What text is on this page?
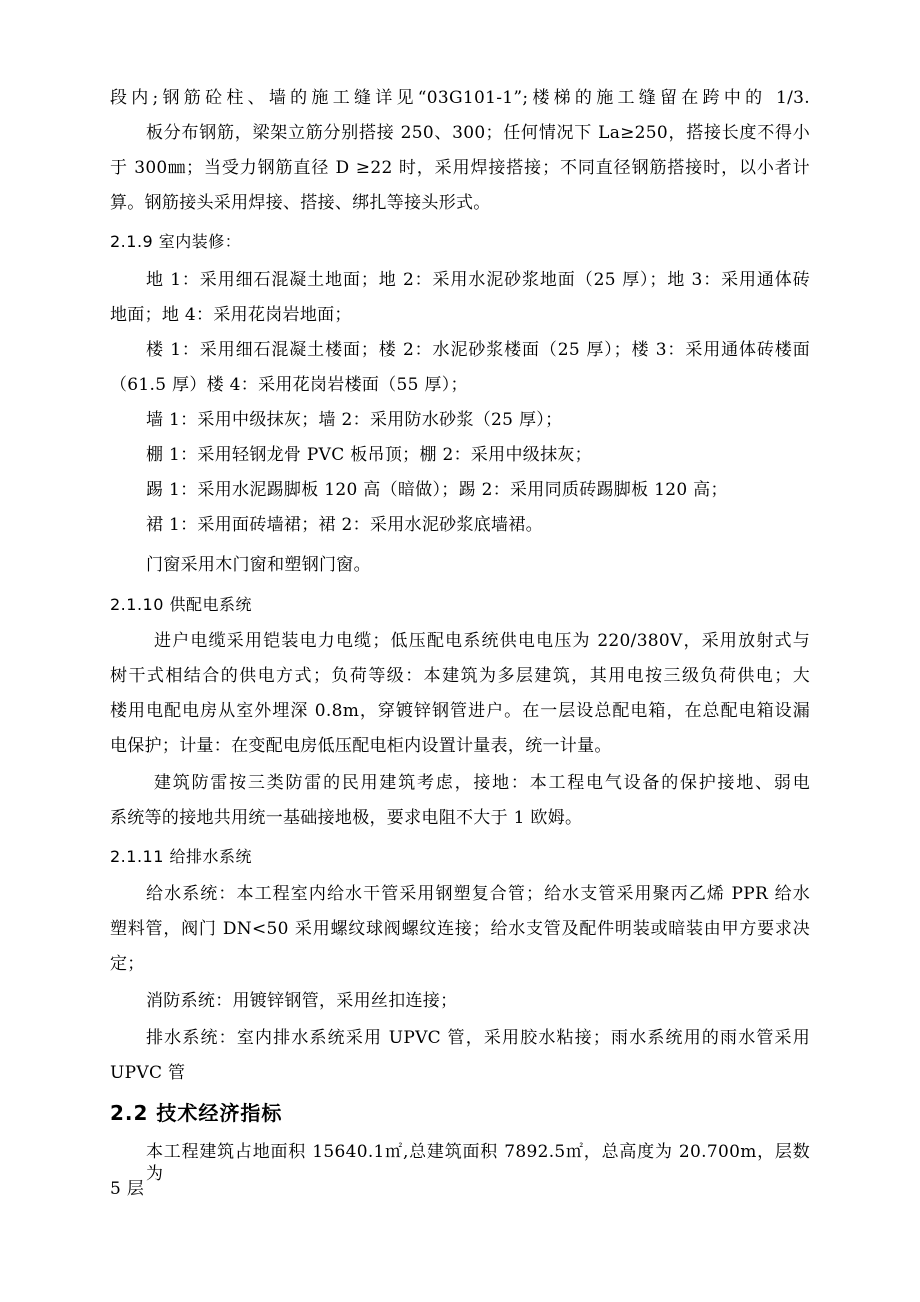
段内;钢筋砼柱、墙的施工缝详见“03G101-1”;楼梯的施工缝留在跨中的 1/3.
板分布钢筋，梁架立筋分别搭接 250、300；任何情况下 La≥250，搭接长度不得小
于 300㎜；当受力钢筋直径 D ≥22 时，采用焊接搭接；不同直径钢筋搭接时，以小者计
算。钢筋接头采用焊接、搭接、绑扎等接头形式。
2.1.9 室内装修：
地 1：采用细石混凝土地面；地 2：采用水泥砂浆地面（25 厚）；地 3：采用通体砖
地面；地 4：采用花岗岩地面；
楼 1：采用细石混凝土楼面；楼 2：水泥砂浆楼面（25 厚）；楼 3：采用通体砖楼面
（61.5 厚）楼 4：采用花岗岩楼面（55 厚）；
墙 1：采用中级抹灰；墙 2：采用防水砂浆（25 厚）；
棚 1：采用轻钢龙骨 PVC 板吊顶；棚 2：采用中级抹灰；
踢 1：采用水泥踢脚板 120 高（暗做）；踢 2：采用同质砖踢脚板 120 高；
裙 1：采用面砖墙裙；裙 2：采用水泥砂浆底墙裙。
门窗采用木门窗和塑钢门窗。
2.1.10 供配电系统
进户电缆采用铠装电力电缆；低压配电系统供电电压为 220/380V，采用放射式与
树干式相结合的供电方式；负荷等级：本建筑为多层建筑，其用电按三级负荷供电；大
楼用电配电房从室外埋深 0.8m，穿镀锌钢管进户。在一层设总配电箱，在总配电箱设漏
电保护；计量：在变配电房低压配电柜内设置计量表，统一计量。
建筑防雷按三类防雷的民用建筑考虑，接地：本工程电气设备的保护接地、弱电
系统等的接地共用统一基础接地极，要求电阻不大于 1 欧姆。
2.1.11 给排水系统
给水系统：本工程室内给水干管采用钢塑复合管；给水支管采用聚丙乙烯 PPR 给水
塑料管，阀门 DN<50 采用螺纹球阀螺纹连接；给水支管及配件明装或暗装由甲方要求决
定；
消防系统：用镀锌钢管，采用丝扣连接；
排水系统：室内排水系统采用 UPVC 管，采用胶水粘接；雨水系统用的雨水管采用
UPVC 管
2.2 技术经济指标
本工程建筑占地面积 15640.1㎡,总建筑面积 7892.5㎡，总高度为 20.700m，层数为
5 层
